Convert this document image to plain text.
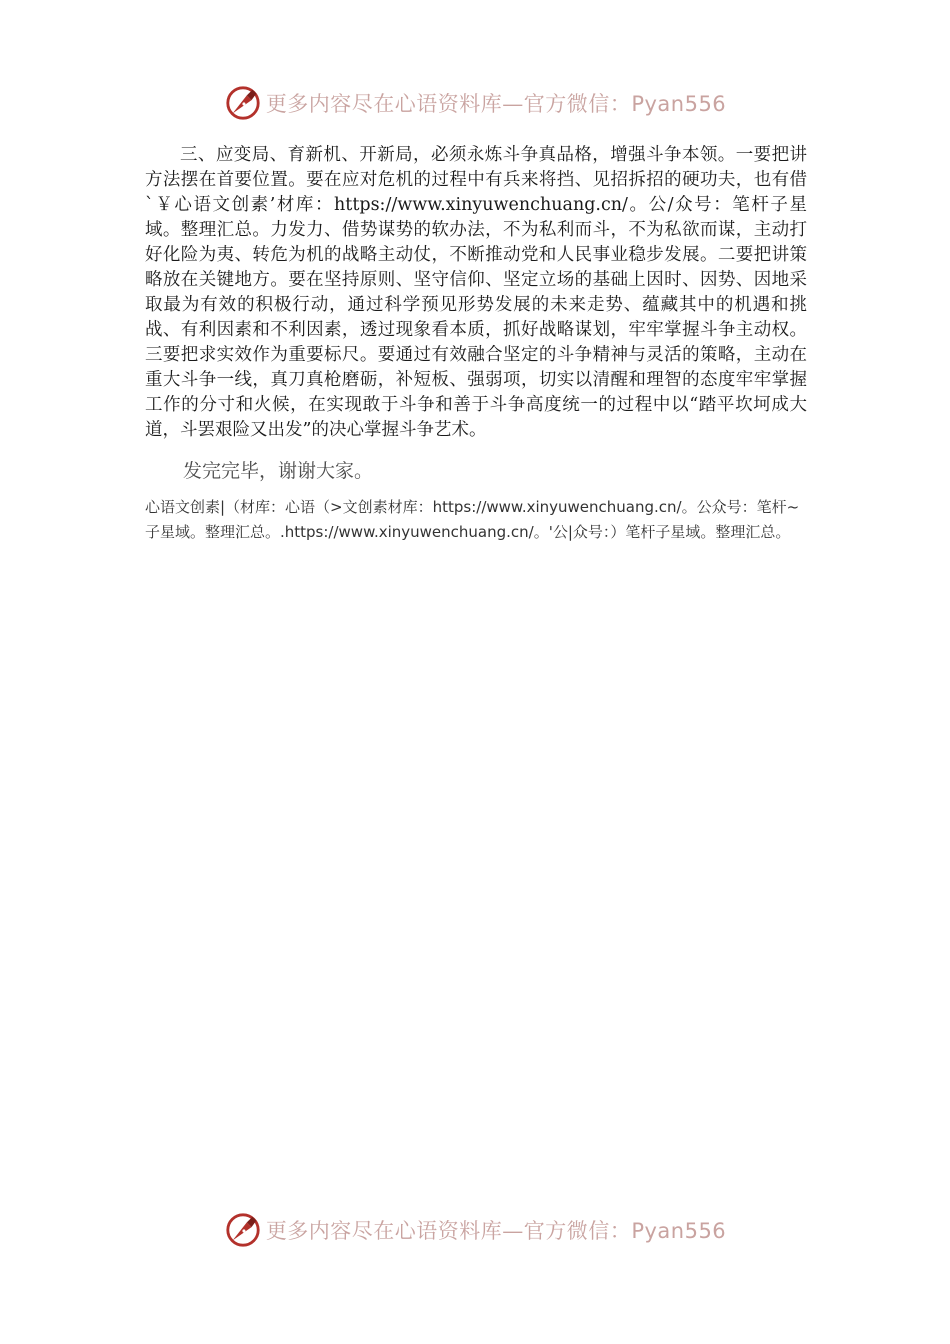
更多内容尽在心语资料库—官方微信：Pyan556

三、应变局、育新机、开新局，必须永炼斗争真品格，增强斗争本领。一要把讲方法摆在首要位置。要在应对危机的过程中有兵来将挡、见招拆招的硬功夫，也有借`￥心语文创素’材库：https://www.xinyuwenchuang.cn/。公/众号：笔杆子星域。整理汇总。力发力、借势谋势的软办法，不为私利而斗，不为私欲而谋，主动打好化险为夷、转危为机的战略主动仗，不断推动党和人民事业稳步发展。二要把讲策略放在关键地方。要在坚持原则、坚守信仰、坚定立场的基础上因时、因势、因地采取最为有效的积极行动，通过科学预见形势发展的未来走势、蕴藏其中的机遇和挑战、有利因素和不利因素，透过现象看本质，抓好战略谋划，牢牢掌握斗争主动权。三要把求实效作为重要标尺。要通过有效融合坚定的斗争精神与灵活的策略，主动在重大斗争一线，真刀真枪磨砺，补短板、强弱项，切实以清醒和理智的态度牢牢掌握工作的分寸和火候，在实现敢于斗争和善于斗争高度统一的过程中以“踏平坎坷成大道，斗罢艰险又出发”的决心掌握斗争艺术。

发完完毕，谢谢大家。

心语文创素|（材库：心语（>文创素材库：https://www.xinyuwenchuang.cn/。公众号：笔杆~子星域。整理汇总。.https://www.xinyuwenchuang.cn/。'公|众号：）笔杆子星域。整理汇总。

更多内容尽在心语资料库—官方微信：Pyan556
